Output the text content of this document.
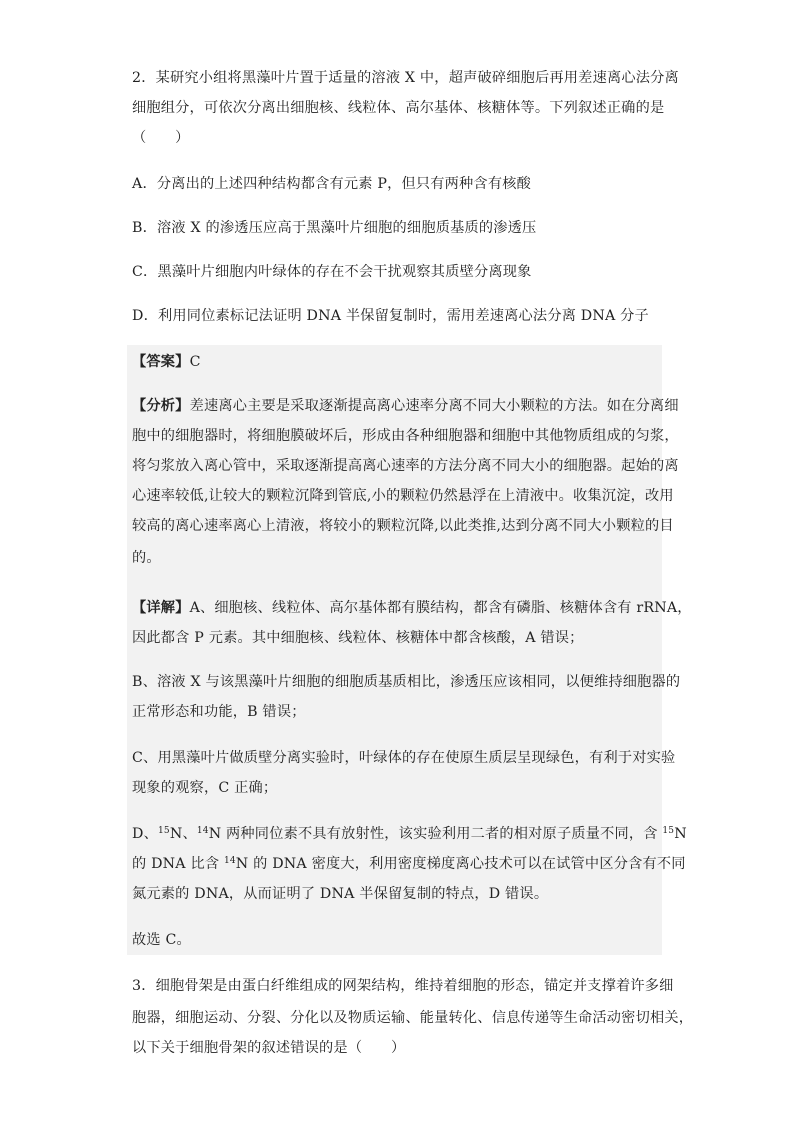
2．某研究小组将黑藻叶片置于适量的溶液 X 中，超声破碎细胞后再用差速离心法分离
细胞组分，可依次分离出细胞核、线粒体、高尔基体、核糖体等。下列叙述正确的是
（　　）
A．分离出的上述四种结构都含有元素 P，但只有两种含有核酸
B．溶液 X 的渗透压应高于黑藻叶片细胞的细胞质基质的渗透压
C．黑藻叶片细胞内叶绿体的存在不会干扰观察其质壁分离现象
D．利用同位素标记法证明 DNA 半保留复制时，需用差速离心法分离 DNA 分子
【答案】C
【分析】差速离心主要是采取逐渐提高离心速率分离不同大小颗粒的方法。如在分离细
胞中的细胞器时，将细胞膜破坏后，形成由各种细胞器和细胞中其他物质组成的匀浆，
将匀浆放入离心管中，采取逐渐提高离心速率的方法分离不同大小的细胞器。起始的离
心速率较低,让较大的颗粒沉降到管底,小的颗粒仍然悬浮在上清液中。收集沉淀，改用
较高的离心速率离心上清液，将较小的颗粒沉降,以此类推,达到分离不同大小颗粒的目
的。
【详解】A、细胞核、线粒体、高尔基体都有膜结构，都含有磷脂、核糖体含有 rRNA，
因此都含 P 元素。其中细胞核、线粒体、核糖体中都含核酸，A 错误；
B、溶液 X 与该黑藻叶片细胞的细胞质基质相比，渗透压应该相同，以便维持细胞器的
正常形态和功能，B 错误；
C、用黑藻叶片做质壁分离实验时，叶绿体的存在使原生质层呈现绿色，有利于对实验
现象的观察，C 正确；
D、$^{15}$N、$^{14}$N 两种同位素不具有放射性，该实验利用二者的相对原子质量不同，含 $^{15}$N
的 DNA 比含 $^{14}$N 的 DNA 密度大，利用密度梯度离心技术可以在试管中区分含有不同
氮元素的 DNA，从而证明了 DNA 半保留复制的特点，D 错误。
故选 C。
3．细胞骨架是由蛋白纤维组成的网架结构，维持着细胞的形态，锚定并支撑着许多细
胞器，细胞运动、分裂、分化以及物质运输、能量转化、信息传递等生命活动密切相关，
以下关于细胞骨架的叙述错误的是（　　）
